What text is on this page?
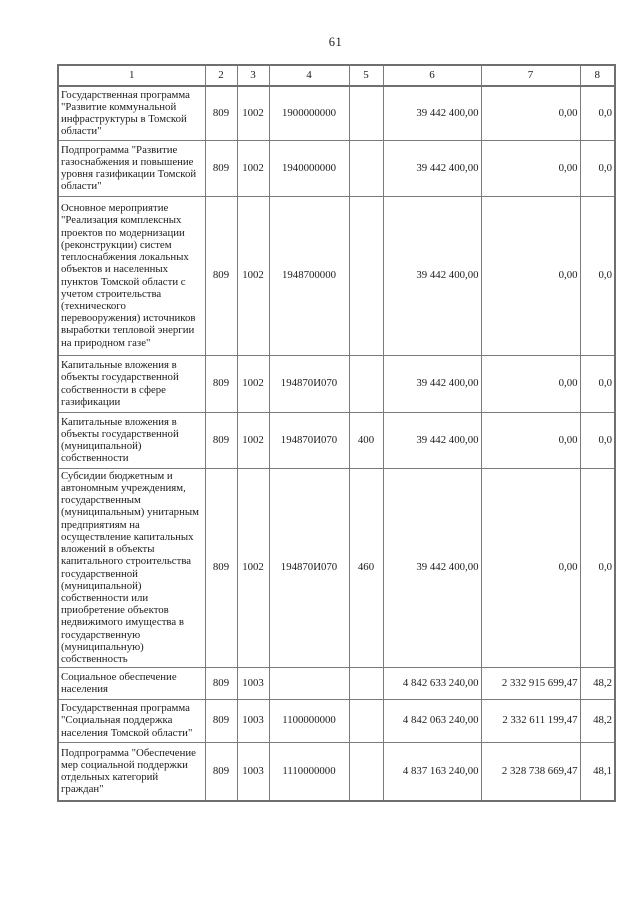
61
1	2	3	4	5	6	7	8
Государственная программа "Развитие коммунальной инфраструктуры в Томской области"	809	1002	1900000000		39 442 400,00	0,00	0,0
Подпрограмма "Развитие газоснабжения и повышение уровня газификации Томской области"	809	1002	1940000000		39 442 400,00	0,00	0,0
Основное мероприятие "Реализация комплексных проектов по модернизации (реконструкции) систем теплоснабжения локальных объектов и населенных пунктов Томской области с учетом строительства (технического перевооружения) источников выработки тепловой энергии на природном газе"	809	1002	1948700000		39 442 400,00	0,00	0,0
Капитальные вложения в объекты государственной собственности в сфере газификации	809	1002	194870И070		39 442 400,00	0,00	0,0
Капитальные вложения в объекты государственной (муниципальной) собственности	809	1002	194870И070	400	39 442 400,00	0,00	0,0
Субсидии бюджетным и автономным учреждениям, государственным (муниципальным) унитарным предприятиям на осуществление капитальных вложений в объекты капитального строительства государственной (муниципальной) собственности или приобретение объектов недвижимого имущества в государственную (муниципальную) собственность	809	1002	194870И070	460	39 442 400,00	0,00	0,0
Социальное обеспечение населения	809	1003			4 842 633 240,00	2 332 915 699,47	48,2
Государственная программа "Социальная поддержка населения Томской области"	809	1003	1100000000		4 842 063 240,00	2 332 611 199,47	48,2
Подпрограмма "Обеспечение мер социальной поддержки отдельных категорий граждан"	809	1003	1110000000		4 837 163 240,00	2 328 738 669,47	48,1
